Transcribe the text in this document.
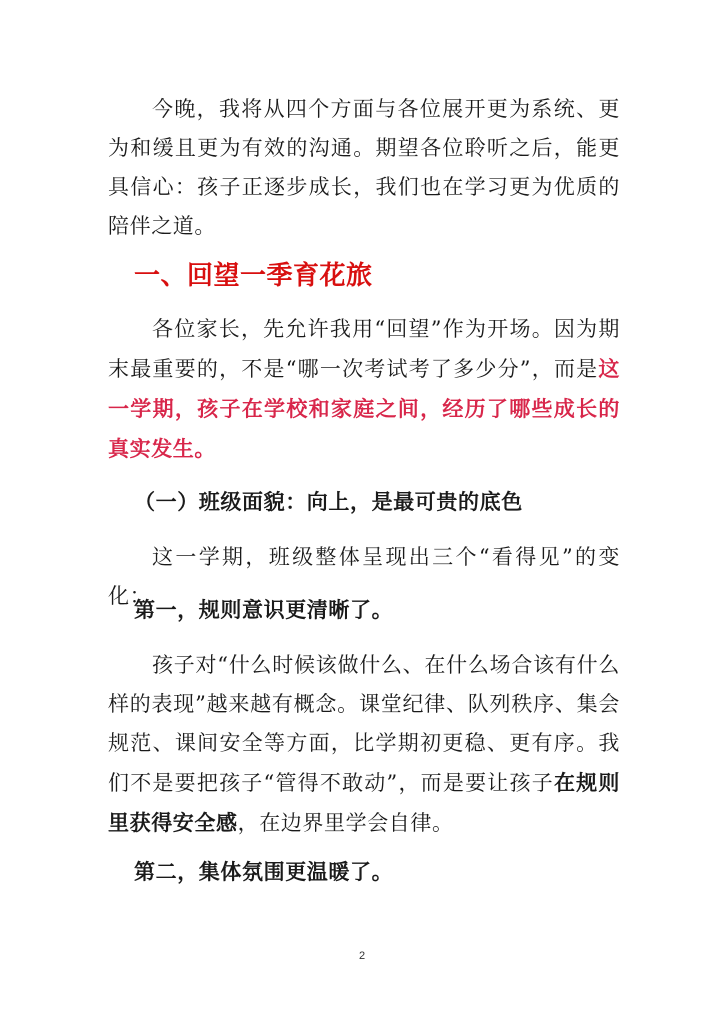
今晚，我将从四个方面与各位展开更为系统、更为和缓且更为有效的沟通。期望各位聆听之后，能更具信心：孩子正逐步成长，我们也在学习更为优质的陪伴之道。

一、回望一季育花旅

各位家长，先允许我用“回望”作为开场。因为期末最重要的，不是“哪一次考试考了多少分”，而是这一学期，孩子在学校和家庭之间，经历了哪些成长的真实发生。

（一）班级面貌：向上，是最可贵的底色

这一学期，班级整体呈现出三个“看得见”的变化：

第一，规则意识更清晰了。

孩子对“什么时候该做什么、在什么场合该有什么样的表现”越来越有概念。课堂纪律、队列秩序、集会规范、课间安全等方面，比学期初更稳、更有序。我们不是要把孩子“管得不敢动”，而是要让孩子在规则里获得安全感，在边界里学会自律。

第二，集体氛围更温暖了。
2
